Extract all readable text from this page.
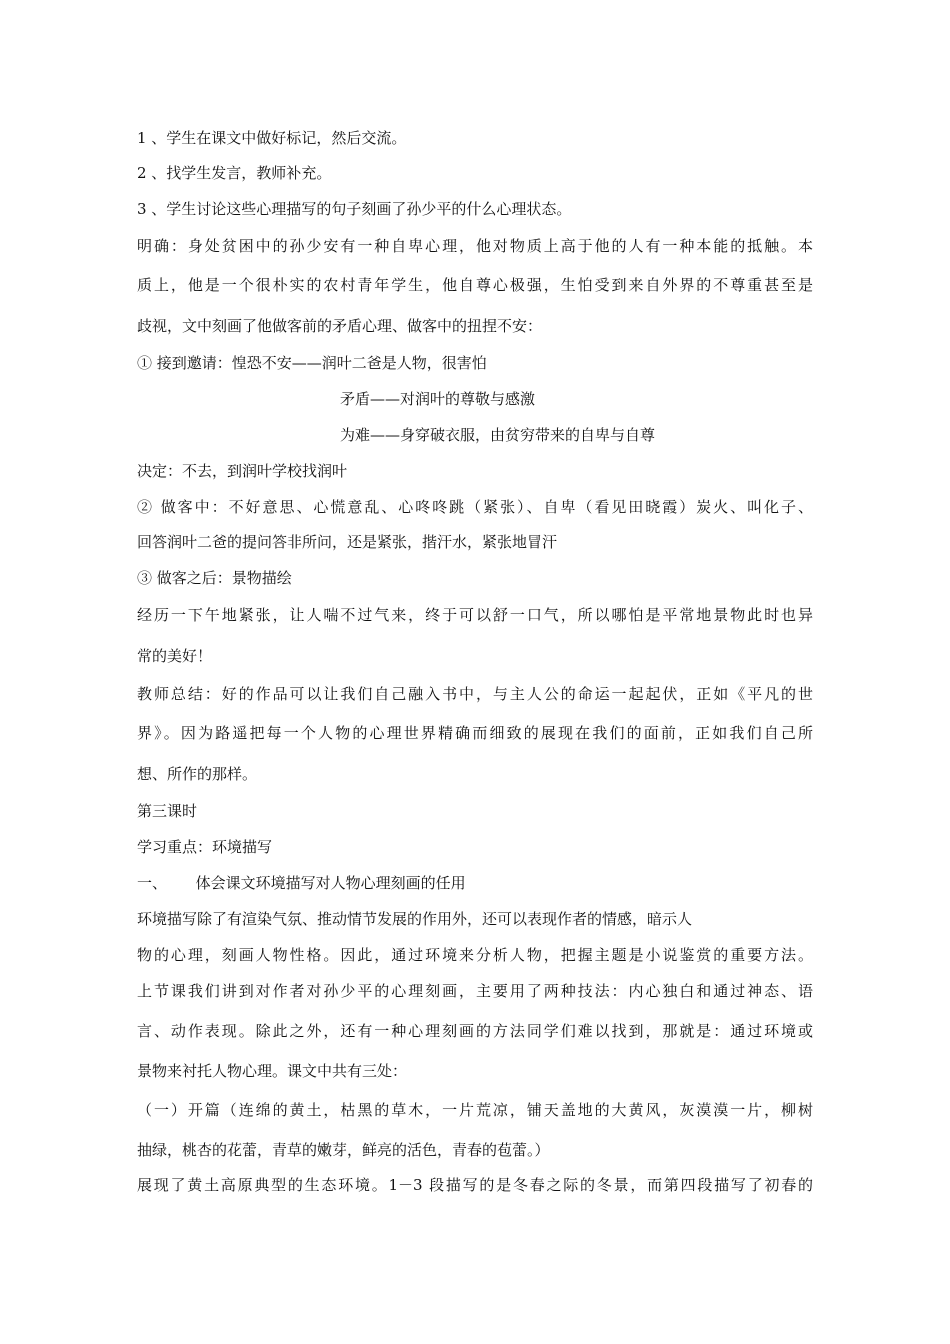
1 、学生在课文中做好标记，然后交流。
2 、找学生发言，教师补充。
3 、学生讨论这些心理描写的句子刻画了孙少平的什么心理状态。
明确：身处贫困中的孙少安有一种自卑心理，他对物质上高于他的人有一种本能的抵触。本
质上，他是一个很朴实的农村青年学生，他自尊心极强，生怕受到来自外界的不尊重甚至是
歧视，文中刻画了他做客前的矛盾心理、做客中的扭捏不安：
① 接到邀请：惶恐不安——润叶二爸是人物，很害怕
矛盾——对润叶的尊敬与感激
为难——身穿破衣服，由贫穷带来的自卑与自尊
决定：不去，到润叶学校找润叶
② 做客中：不好意思、心慌意乱、心咚咚跳（紧张）、自卑（看见田晓霞）炭火、叫化子、
回答润叶二爸的提问答非所问，还是紧张，揩汗水，紧张地冒汗
③ 做客之后：景物描绘
经历一下午地紧张，让人喘不过气来，终于可以舒一口气，所以哪怕是平常地景物此时也异
常的美好！
教师总结：好的作品可以让我们自己融入书中，与主人公的命运一起起伏，正如《平凡的世
界》。因为路遥把每一个人物的心理世界精确而细致的展现在我们的面前，正如我们自己所
想、所作的那样。
第三课时
学习重点：环境描写
一、      体会课文环境描写对人物心理刻画的任用
环境描写除了有渲染气氛、推动情节发展的作用外，还可以表现作者的情感，暗示人
物的心理，刻画人物性格。因此，通过环境来分析人物，把握主题是小说鉴赏的重要方法。
上节课我们讲到对作者对孙少平的心理刻画，主要用了两种技法：内心独白和通过神态、语
言、动作表现。除此之外，还有一种心理刻画的方法同学们难以找到，那就是：通过环境或
景物来衬托人物心理。课文中共有三处：
（一）开篇（连绵的黄土，枯黑的草木，一片荒凉，铺天盖地的大黄风，灰漠漠一片，柳树
抽绿，桃杏的花蕾，青草的嫩芽，鲜亮的活色，青春的苞蕾。）
展现了黄土高原典型的生态环境。1－3 段描写的是冬春之际的冬景，而第四段描写了初春的
